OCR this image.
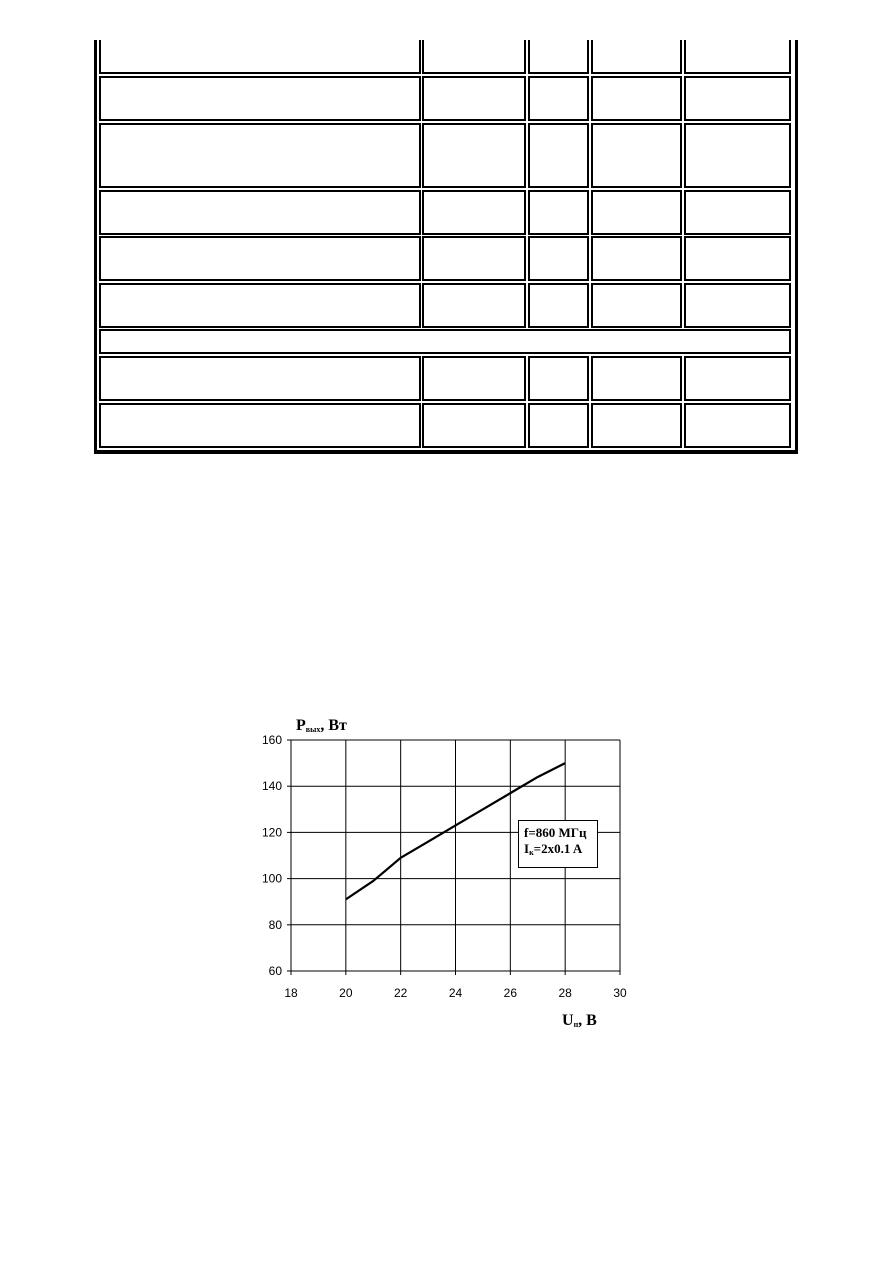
18	20	22	24	26	28	30
160
140
120
100
80
60
$P_{вых}$, Вт
$U_п$, В
f=860 МГц
$I_к=2x0.1$ A
